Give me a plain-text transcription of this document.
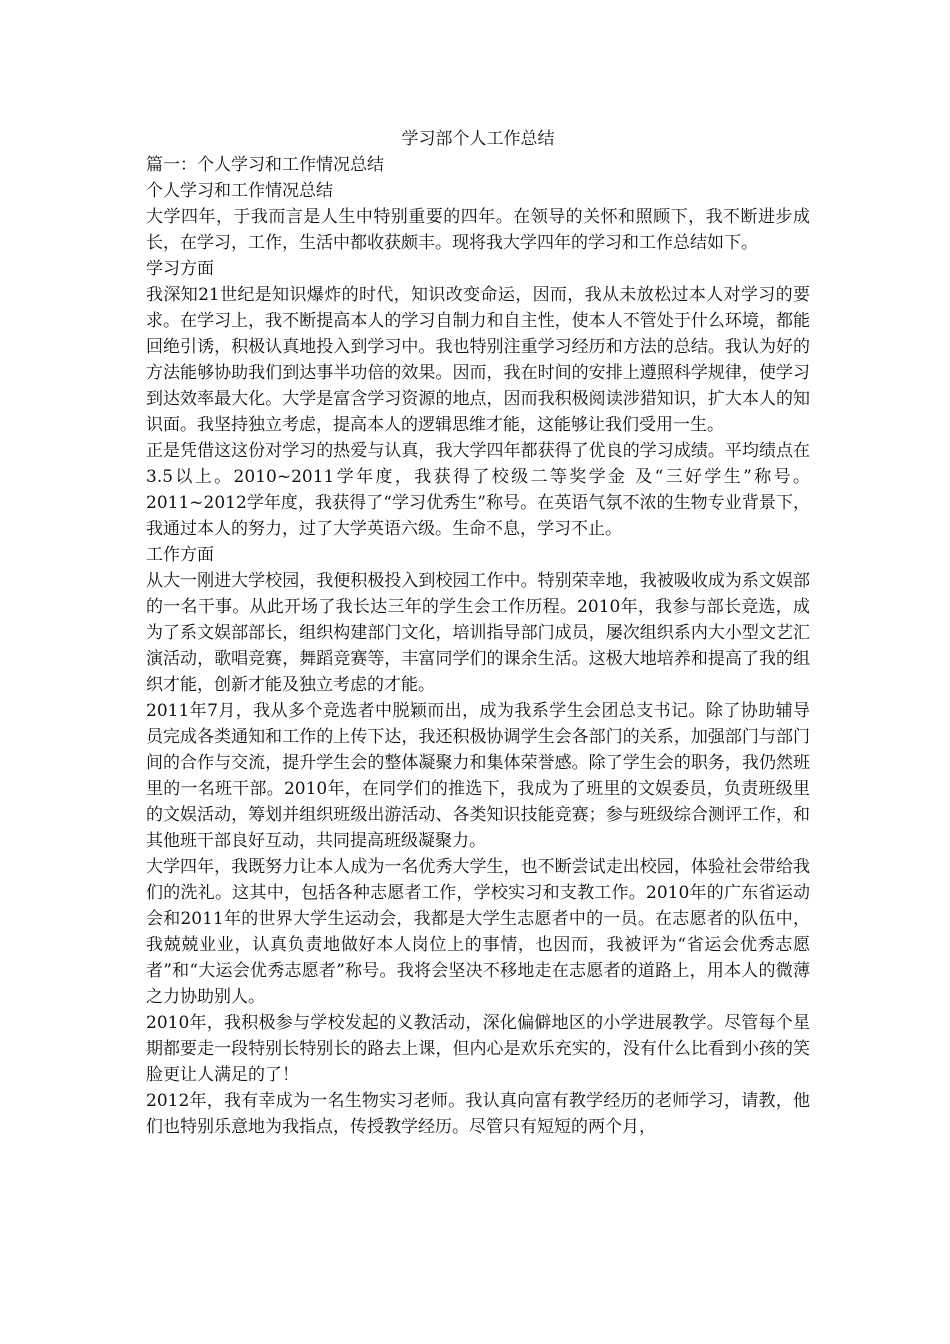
学习部个人工作总结

篇一：个人学习和工作情况总结

个人学习和工作情况总结

大学四年，于我而言是人生中特别重要的四年。在领导的关怀和照顾下，我不断进步成长，在学习，工作，生活中都收获颇丰。现将我大学四年的学习和工作总结如下。

学习方面

我深知21世纪是知识爆炸的时代，知识改变命运，因而，我从未放松过本人对学习的要求。在学习上，我不断提高本人的学习自制力和自主性，使本人不管处于什么环境，都能回绝引诱，积极认真地投入到学习中。我也特别注重学习经历和方法的总结。我认为好的方法能够协助我们到达事半功倍的效果。因而，我在时间的安排上遵照科学规律，使学习到达效率最大化。大学是富含学习资源的地点，因而我积极阅读涉猎知识，扩大本人的知识面。我坚持独立考虑，提高本人的逻辑思维才能，这能够让我们受用一生。

正是凭借这这份对学习的热爱与认真，我大学四年都获得了优良的学习成绩。平均绩点在3.5以上。2010~2011学年度，我获得了校级二等奖学金 及“三好学生”称号。2011~2012学年度，我获得了“学习优秀生”称号。在英语气氛不浓的生物专业背景下，我通过本人的努力，过了大学英语六级。生命不息，学习不止。

工作方面

从大一刚进大学校园，我便积极投入到校园工作中。特别荣幸地，我被吸收成为系文娱部的一名干事。从此开场了我长达三年的学生会工作历程。2010年，我参与部长竞选，成为了系文娱部部长，组织构建部门文化，培训指导部门成员，屡次组织系内大小型文艺汇演活动，歌唱竞赛，舞蹈竞赛等，丰富同学们的课余生活。这极大地培养和提高了我的组织才能，创新才能及独立考虑的才能。

2011年7月，我从多个竞选者中脱颖而出，成为我系学生会团总支书记。除了协助辅导员完成各类通知和工作的上传下达，我还积极协调学生会各部门的关系，加强部门与部门间的合作与交流，提升学生会的整体凝聚力和集体荣誉感。除了学生会的职务，我仍然班里的一名班干部。2010年，在同学们的推选下，我成为了班里的文娱委员，负责班级里的文娱活动，筹划并组织班级出游活动、各类知识技能竞赛；参与班级综合测评工作，和其他班干部良好互动，共同提高班级凝聚力。

大学四年，我既努力让本人成为一名优秀大学生，也不断尝试走出校园，体验社会带给我们的洗礼。这其中，包括各种志愿者工作，学校实习和支教工作。2010年的广东省运动会和2011年的世界大学生运动会，我都是大学生志愿者中的一员。在志愿者的队伍中，我兢兢业业，认真负责地做好本人岗位上的事情，也因而，我被评为“省运会优秀志愿者”和“大运会优秀志愿者”称号。我将会坚决不移地走在志愿者的道路上，用本人的微薄之力协助别人。

2010年，我积极参与学校发起的义教活动，深化偏僻地区的小学进展教学。尽管每个星期都要走一段特别长特别长的路去上课，但内心是欢乐充实的，没有什么比看到小孩的笑脸更让人满足的了！

2012年，我有幸成为一名生物实习老师。我认真向富有教学经历的老师学习，请教，他们也特别乐意地为我指点，传授教学经历。尽管只有短短的两个月，
